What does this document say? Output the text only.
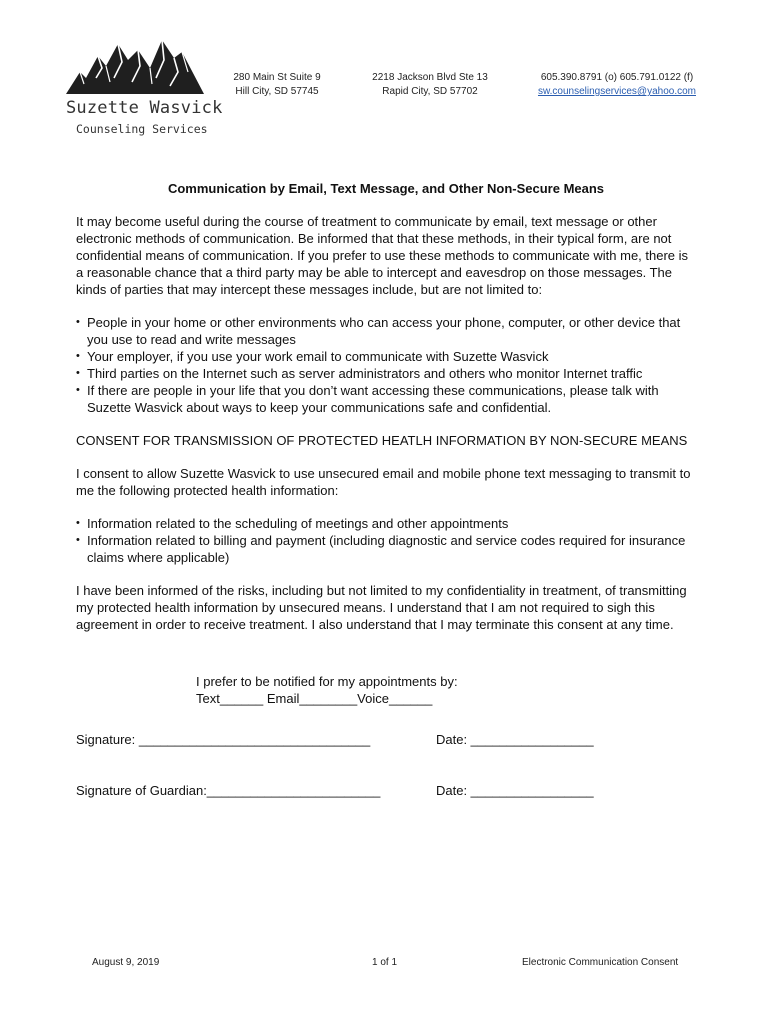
Suzette Wasvick
Counseling Services
280 Main St Suite 9
Hill City, SD 57745
2218 Jackson Blvd Ste 13
Rapid City, SD 57702
605.390.8791 (o) 605.791.0122 (f)
sw.counselingservices@yahoo.com
Communication by Email, Text Message, and Other Non-Secure Means

It may become useful during the course of treatment to communicate by email, text message or other electronic methods of communication. Be informed that that these methods, in their typical form, are not confidential means of communication. If you prefer to use these methods to communicate with me, there is a reasonable chance that a third party may be able to intercept and eavesdrop on those messages. The kinds of parties that may intercept these messages include, but are not limited to:

• People in your home or other environments who can access your phone, computer, or other device that you use to read and write messages
• Your employer, if you use your work email to communicate with Suzette Wasvick
• Third parties on the Internet such as server administrators and others who monitor Internet traffic
• If there are people in your life that you don’t want accessing these communications, please talk with Suzette Wasvick about ways to keep your communications safe and confidential.

CONSENT FOR TRANSMISSION OF PROTECTED HEATLH INFORMATION BY NON-SECURE MEANS

I consent to allow Suzette Wasvick to use unsecured email and mobile phone text messaging to transmit to me the following protected health information:

• Information related to the scheduling of meetings and other appointments
• Information related to billing and payment (including diagnostic and service codes required for insurance claims where applicable)

I have been informed of the risks, including but not limited to my confidentiality in treatment, of transmitting my protected health information by unsecured means. I understand that I am not required to sigh this agreement in order to receive treatment. I also understand that I may terminate this consent at any time.

I prefer to be notified for my appointments by:
Text______ Email________Voice______
Signature: ________________________________	Date: _________________
Signature of Guardian:________________________	Date: _________________
August 9, 2019	1 of 1	Electronic Communication Consent
